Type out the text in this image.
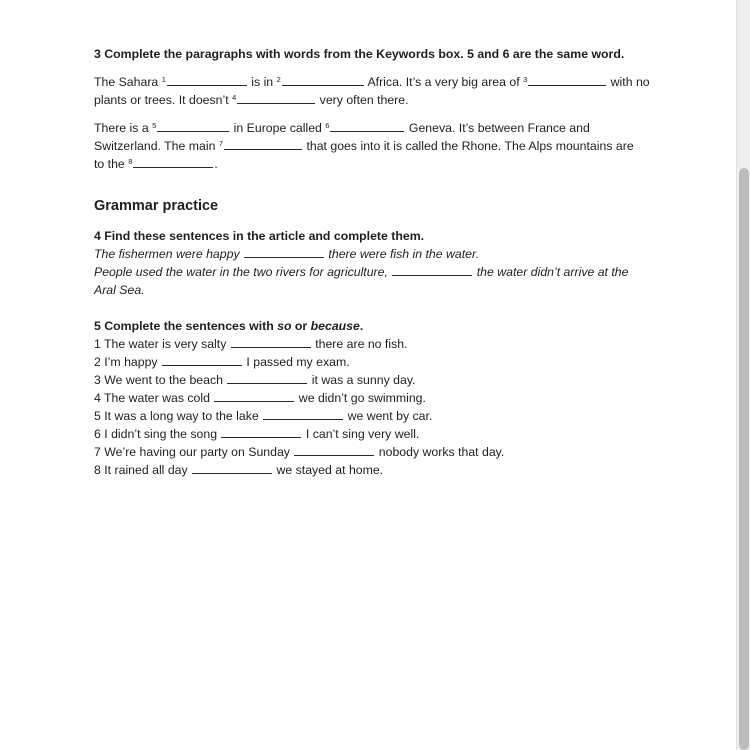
3 Complete the paragraphs with words from the Keywords box. 5 and 6 are the same word.

The Sahara $^1$	is in $^2$	Africa. It’s a very big area of $^3$	with no
plants or trees. It doesn’t $^4$	very often there.

There is a $^5$	in Europe called $^6$	Geneva. It’s between France and
Switzerland. The main $^7$	that goes into it is called the Rhone. The Alps mountains are
to the $^8$	.

Grammar practice

4 Find these sentences in the article and complete them.

The fishermen were happy	there were fish in the water.
People used the water in the two rivers for agriculture,	the water didn’t arrive at the
Aral Sea.

5 Complete the sentences with so or because.

1 The water is very salty	there are no fish.
2 I’m happy	I passed my exam.
3 We went to the beach	it was a sunny day.
4 The water was cold	we didn’t go swimming.
5 It was a long way to the lake	we went by car.
6 I didn’t sing the song	I can’t sing very well.
7 We’re having our party on Sunday	nobody works that day.
8 It rained all day	we stayed at home.
